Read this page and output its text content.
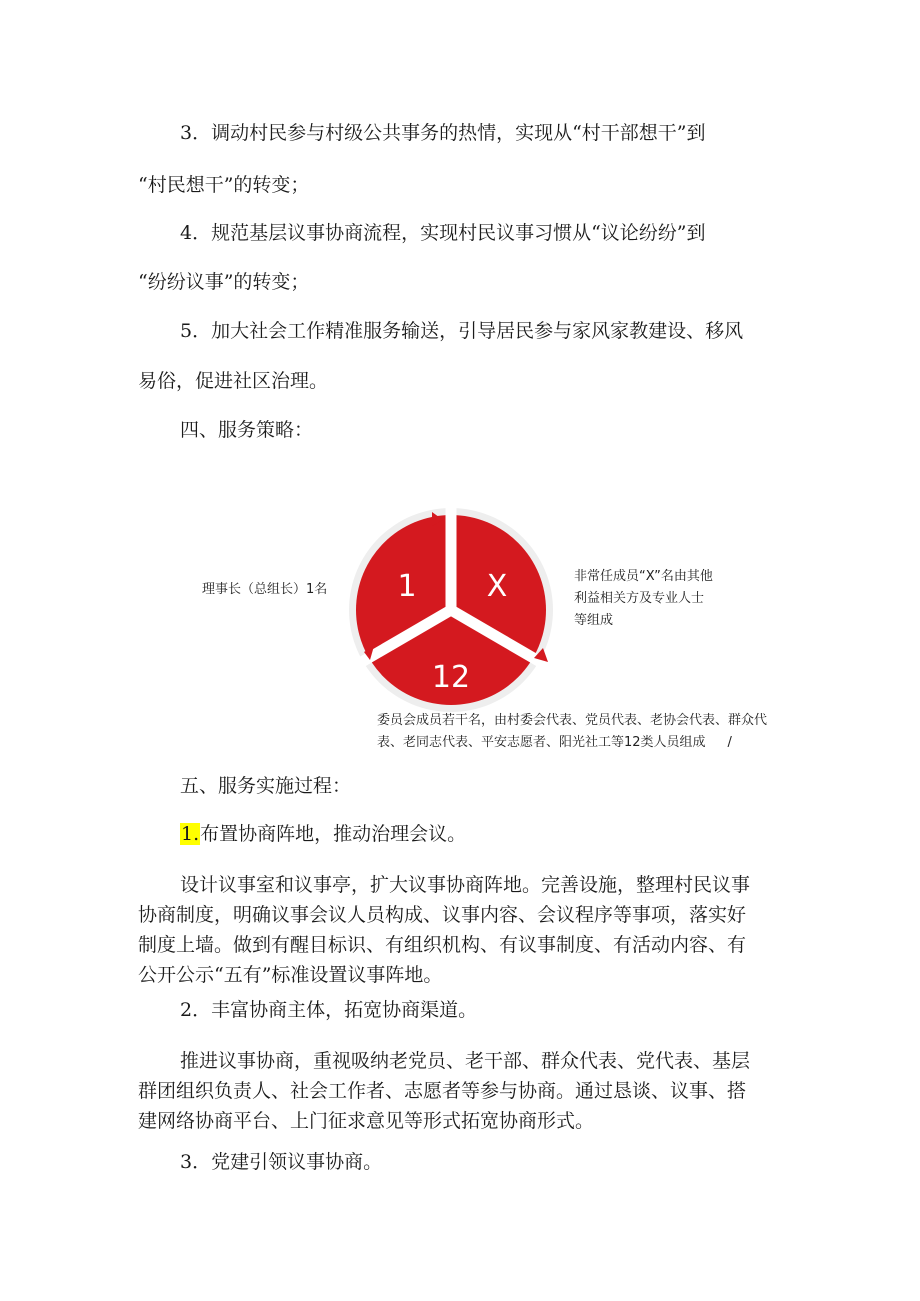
3．调动村民参与村级公共事务的热情，实现从“村干部想干”到
“村民想干”的转变；
4．规范基层议事协商流程，实现村民议事习惯从“议论纷纷”到
“纷纷议事”的转变；
5．加大社会工作精准服务输送，引导居民参与家风家教建设、移风
易俗，促进社区治理。
四、服务策略：
1 X
12
理事长（总组长）1名
非常任成员“X”名由其他
利益相关方及专业人士
等组成
委员会成员若干名，由村委会代表、党员代表、老协会代表、群众代
表、老同志代表、平安志愿者、阳光社工等12类人员组成 /
五、服务实施过程：
1.布置协商阵地，推动治理会议。
设计议事室和议事亭，扩大议事协商阵地。完善设施，整理村民议事
协商制度，明确议事会议人员构成、议事内容、会议程序等事项，落实好
制度上墙。做到有醒目标识、有组织机构、有议事制度、有活动内容、有
公开公示“五有”标准设置议事阵地。
2．丰富协商主体，拓宽协商渠道。
推进议事协商，重视吸纳老党员、老干部、群众代表、党代表、基层
群团组织负责人、社会工作者、志愿者等参与协商。通过恳谈、议事、搭
建网络协商平台、上门征求意见等形式拓宽协商形式。
3．党建引领议事协商。
